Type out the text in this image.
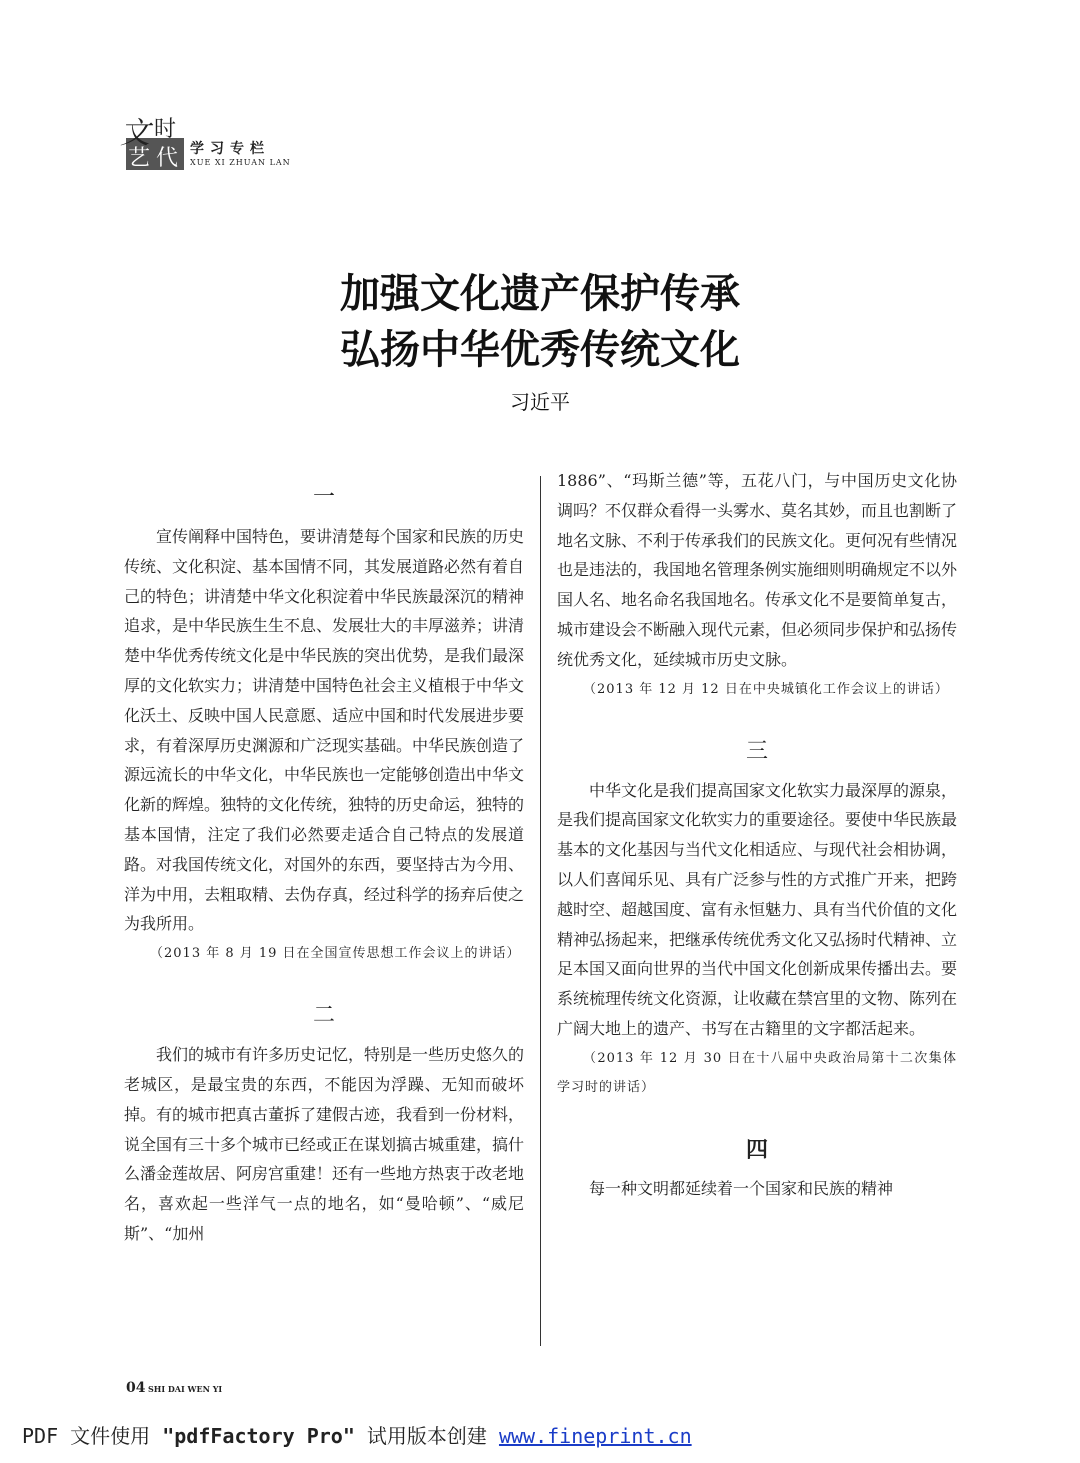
文 时
艺 代 学习专栏
XUE XI ZHUAN LAN
加强文化遗产保护传承
弘扬中华优秀传统文化
习近平
一

宣传阐释中国特色，要讲清楚每个国家和民族的历史传统、文化积淀、基本国情不同，其发展道路必然有着自己的特色；讲清楚中华文化积淀着中华民族最深沉的精神追求，是中华民族生生不息、发展壮大的丰厚滋养；讲清楚中华优秀传统文化是中华民族的突出优势，是我们最深厚的文化软实力；讲清楚中国特色社会主义植根于中华文化沃土、反映中国人民意愿、适应中国和时代发展进步要求，有着深厚历史渊源和广泛现实基础。中华民族创造了源远流长的中华文化，中华民族也一定能够创造出中华文化新的辉煌。独特的文化传统，独特的历史命运，独特的基本国情，注定了我们必然要走适合自己特点的发展道路。对我国传统文化，对国外的东西，要坚持古为今用、洋为中用，去粗取精、去伪存真，经过科学的扬弃后使之为我所用。

（2013 年 8 月 19 日在全国宣传思想工作会议上的讲话）

二

我们的城市有许多历史记忆，特别是一些历史悠久的老城区，是最宝贵的东西，不能因为浮躁、无知而破坏掉。有的城市把真古董拆了建假古迹，我看到一份材料，说全国有三十多个城市已经或正在谋划搞古城重建，搞什么潘金莲故居、阿房宫重建！还有一些地方热衷于改老地名，喜欢起一些洋气一点的地名，如“曼哈顿”、“威尼斯”、“加州

1886”、“玛斯兰德”等，五花八门，与中国历史文化协调吗？不仅群众看得一头雾水、莫名其妙，而且也割断了地名文脉、不利于传承我们的民族文化。更何况有些情况也是违法的，我国地名管理条例实施细则明确规定不以外国人名、地名命名我国地名。传承文化不是要简单复古，城市建设会不断融入现代元素，但必须同步保护和弘扬传统优秀文化，延续城市历史文脉。

（2013 年 12 月 12 日在中央城镇化工作会议上的讲话）

三

中华文化是我们提高国家文化软实力最深厚的源泉，是我们提高国家文化软实力的重要途径。要使中华民族最基本的文化基因与当代文化相适应、与现代社会相协调，以人们喜闻乐见、具有广泛参与性的方式推广开来，把跨越时空、超越国度、富有永恒魅力、具有当代价值的文化精神弘扬起来，把继承传统优秀文化又弘扬时代精神、立足本国又面向世界的当代中国文化创新成果传播出去。要系统梳理传统文化资源，让收藏在禁宫里的文物、陈列在广阔大地上的遗产、书写在古籍里的文字都活起来。

（2013 年 12 月 30 日在十八届中央政治局第十二次集体学习时的讲话）

四

每一种文明都延续着一个国家和民族的精神

04 SHI DAI WEN YI
PDF 文件使用 "pdfFactory Pro" 试用版本创建 www.fineprint.cn
